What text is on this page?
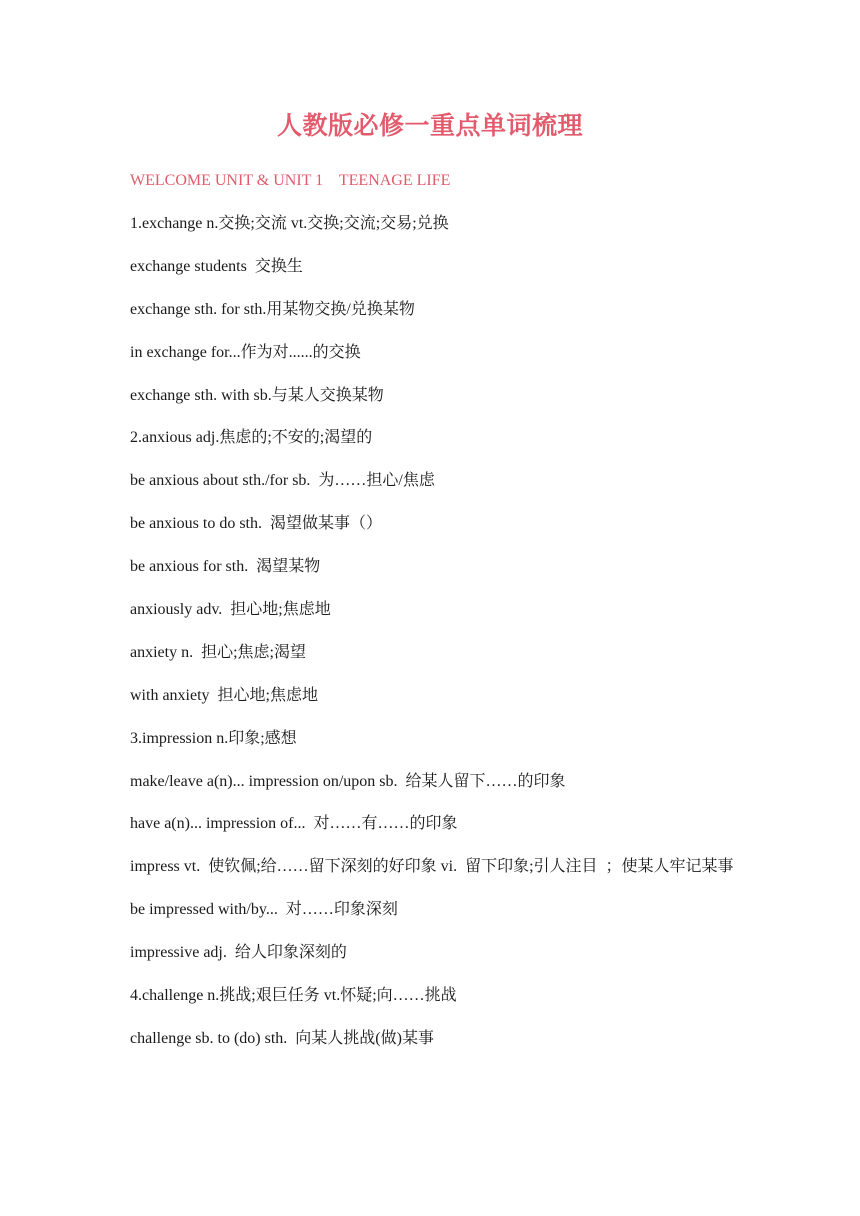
人教版必修一重点单词梳理
WELCOME UNIT & UNIT 1    TEENAGE LIFE
1.exchange n.交换;交流 vt.交换;交流;交易;兑换
exchange students  交换生
exchange sth. for sth.用某物交换/兑换某物
in exchange for...作为对......的交换
exchange sth. with sb.与某人交换某物
2.anxious adj.焦虑的;不安的;渴望的
be anxious about sth./for sb.  为……担心/焦虑
be anxious to do sth.  渴望做某事（）
be anxious for sth.  渴望某物
anxiously adv.  担心地;焦虑地
anxiety n.  担心;焦虑;渴望
with anxiety  担心地;焦虑地
3.impression n.印象;感想
make/leave a(n)... impression on/upon sb.  给某人留下……的印象
have a(n)... impression of...  对……有……的印象
impress vt.  使钦佩;给……留下深刻的好印象 vi.  留下印象;引人注目  ；使某人牢记某事
be impressed with/by...  对……印象深刻
impressive adj.  给人印象深刻的
4.challenge n.挑战;艰巨任务 vt.怀疑;向……挑战
challenge sb. to (do) sth.  向某人挑战(做)某事
